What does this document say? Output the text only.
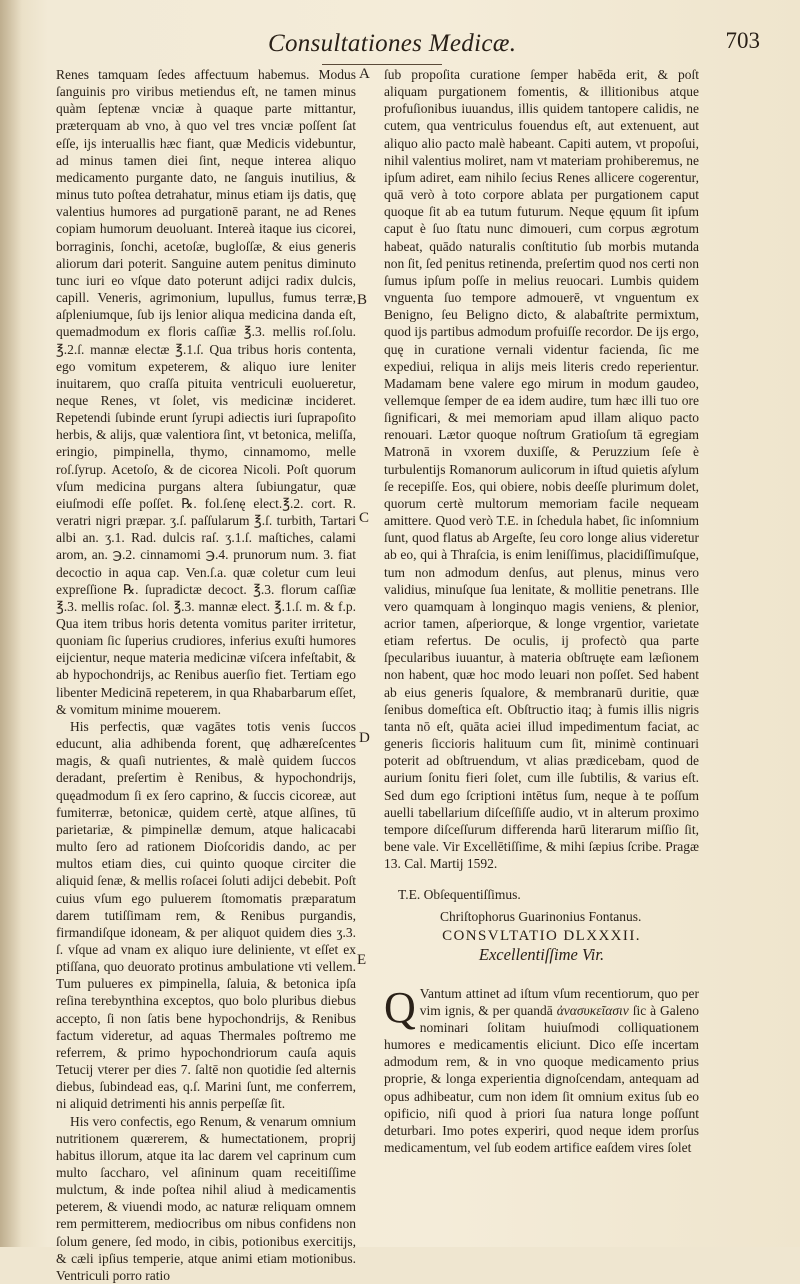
Consultationes Medicæ.	703
A
B
C
D
E

Renes tamquam ſedes affectuum habemus. Modus ſanguinis pro viribus metiendus eſt, ne tamen minus quàm ſeptenæ vnciæ à quaque parte mittantur, præterquam ab vno, à quo vel tres vnciæ poſſent ſat eſſe, ijs interuallis hæc fiant, quæ Medicis videbuntur, ad minus tamen diei ſint, neque interea aliquo medicamento purgante dato, ne ſanguis inutilius, & minus tuto poſtea detrahatur, minus etiam ijs datis, quę valentius humores ad purgationē parant, ne ad Renes copiam humorum deuoluant. Intereà itaque ius cicorei, borraginis, ſonchi, acetoſæ, bugloſſæ, & eius generis aliorum dari poterit. Sanguine autem penitus diminuto tunc iuri eo vſque dato poterunt adijci radix dulcis, capill. Veneris, agrimonium, lupullus, fumus terræ, aſpleniumque, ſub ijs lenior aliqua medicina danda eſt, quemadmodum ex floris caſſiæ ℥.3. mellis roſ.ſolu. ℥.2.ſ. mannæ electæ ℥.1.ſ. Qua tribus horis contenta, ego vomitum expeterem, & aliquo iure leniter inuitarem, quo craſſa pituita ventriculi euolueretur, neque Renes, vt ſolet, vis medicinæ incideret. Repetendi ſubinde erunt ſyrupi adiectis iuri ſuprapoſito herbis, & alijs, quæ valentiora ſint, vt betonica, meliſſa, eringio, pimpinella, thymo, cinnamomo, melle roſ.ſyrup. Acetoſo, & de cicorea Nicoli. Poſt quorum vſum medicina purgans altera ſubiungatur, quæ eiuſmodi eſſe poſſet. ℞. fol.ſenę elect.℥.2. cort. R. veratri nigri præpar. ʒ.ſ. paſſularum ℥.ſ. turbith, Tartari albi an. ʒ.1. Rad. dulcis raſ. ʒ.1.ſ. maſtiches, calami arom, an. ℈.2. cinnamomi ℈.4. prunorum num. 3. fiat decoctio in aqua cap. Ven.ſ.a. quæ coletur cum leui expreſſione ℞. ſupradictæ decoct. ℥.3. florum caſſiæ ℥.3. mellis roſac. ſol. ℥.3. mannæ elect. ℥.1.ſ. m. & f.p. Qua item tribus horis detenta vomitus pariter irritetur, quoniam ſic ſuperius crudiores, inferius exuſti humores eijcientur, neque materia medicinæ viſcera infeſtabit, & ab hypochondrijs, ac Renibus auerſio fiet. Tertiam ego libenter Medicinā repeterem, in qua Rhabarbarum eſſet, & vomitum minime mouerem.

His perfectis, quæ vagātes totis venis ſuccos educunt, alia adhibenda forent, quę adhæreſcentes magis, & quaſi nutrientes, & malè quidem ſuccos deradant, preſertim è Renibus, & hypochondrijs, quęadmodum ſi ex ſero caprino, & ſuccis cicoreæ, aut fumiterræ, betonicæ, quidem certè, atque alſines, tū parietariæ, & pimpinellæ demum, atque halicacabi multo ſero ad rationem Dioſcoridis dando, ac per multos etiam dies, cui quinto quoque circiter die aliquid ſenæ, & mellis roſacei ſoluti adijci debebit. Poſt cuius vſum ego puluerem ſtomomatis præparatum darem tutiſſimam rem, & Renibus purgandis, firmandiſque idoneam, & per aliquot quidem dies ʒ.3. ſ. vſque ad vnam ex aliquo iure deliniente, vt eſſet ex ptiſſana, quo deuorato protinus ambulatione vti vellem. Tum pulueres ex pimpinella, ſaluia, & betonica ipſa reſina terebynthina exceptos, quo bolo pluribus diebus accepto, ſi non ſatis bene hypochondrijs, & Renibus factum videretur, ad aquas Thermales poſtremo me referrem, & primo hypochondriorum cauſa aquis Tetucij vterer per dies 7. ſaltē non quotidie ſed alternis diebus, ſubindead eas, q.ſ. Marini ſunt, me conferrem, ni aliquid detrimenti his annis perpeſſæ ſit.

His vero confectis, ego Renum, & venarum omnium nutritionem quærerem, & humectationem, proprij habitus illorum, atque ita lac darem vel caprinum cum multo ſaccharo, vel aſininum quam receitiſſime mulctum, & inde poſtea nihil aliud à medicamentis peterem, & viuendi modo, ac naturæ reliquam omnem rem permitterem, mediocribus om nibus confidens non ſolum genere, ſed modo, in cibis, potionibus exercitijs, & cæli ipſius temperie, atque animi etiam motionibus. Ventriculi porro ratio

ſub propoſita curatione ſemper habēda erit, & poſt aliquam purgationem fomentis, & illitionibus atque profuſionibus iuuandus, illis quidem tantopere calidis, ne cutem, qua ventriculus fouendus eſt, aut extenuent, aut aliquo alio pacto malè habeant. Capiti autem, vt propoſui, nihil valentius moliret, nam vt materiam prohiberemus, ne ipſum adiret, eam nihilo ſecius Renes allicere cogerentur, quā verò à toto corpore ablata per purgationem caput quoque ſit ab ea tutum futurum. Neque ęquum ſit ipſum caput è ſuo ſtatu nunc dimoueri, cum corpus ægrotum habeat, quādo naturalis conſtitutio ſub morbis mutanda non ſit, ſed penitus retinenda, preſertim quod nos certi non ſumus ipſum poſſe in melius reuocari. Lumbis quidem vnguenta ſuo tempore admouerē, vt vnguentum ex Benigno, ſeu Beligno dicto, & alabaſtrite permixtum, quod ijs partibus admodum profuiſſe recordor. De ijs ergo, quę in curatione vernali videntur facienda, ſic me expediui, reliqua in alijs meis literis credo reperientur. Madamam bene valere ego mirum in modum gaudeo, vellemque ſemper de ea idem audire, tum hæc illi tuo ore ſignificari, & mei memoriam apud illam aliquo pacto renouari. Lætor quoque noſtrum Gratioſum tā egregiam Matronā in vxorem duxiſſe, & Peruzzium ſeſe è turbulentijs Romanorum aulicorum in iſtud quietis aſylum ſe recepiſſe. Eos, qui obiere, nobis deeſſe plurimum dolet, quorum certè multorum memoriam facile nequeam amittere. Quod verò T.E. in ſchedula habet, ſic inſomnium ſunt, quod flatus ab Argeſte, ſeu coro longe alius videretur ab eo, qui à Thraſcia, is enim leniſſimus, placidiſſimuſque, tum non admodum denſus, aut plenus, minus vero validius, minuſque ſua lenitate, & mollitie penetrans. Ille vero quamquam à longinquo magis veniens, & plenior, acrior tamen, aſperiorque, & longe vrgentior, varietate etiam refertus. De oculis, ij profectò qua parte ſpecularibus iuuantur, à materia obſtruęte eam læſionem non habent, quæ hoc modo leuari non poſſet. Sed habent ab eius generis ſqualore, & membranarū duritie, quæ ſenibus domeſtica eſt. Obſtructio itaq; à fumis illis nigris tanta nō eſt, quāta aciei illud impedimentum faciat, ac generis ſiccioris halituum cum ſit, minimè continuari poterit ad obſtruendum, vt alias prædicebam, quod de aurium ſonitu fieri ſolet, cum ille ſubtilis, & varius eſt. Sed dum ego ſcriptioni intētus ſum, neque à te poſſum auelli tabellarium diſceſſiſſe audio, vt in alterum proximo tempore diſceſſurum differenda harū literarum miſſio ſit, bene vale. Vir Excellētiſſime, & mihi ſæpius ſcribe. Pragæ 13. Cal. Martij 1592.

T.E. Obſequentiſſimus.

Chriſtophorus Guarinonius Fontanus.

CONSVLTATIO DLXXXII.

Excellentiſſime Vir.

Q Vantum attinet ad iſtum vſum recentiorum, quo per vim ignis, & per quandā ἀνασυκεῖασιν ſic à Galeno nominari ſolitam huiuſmodi colliquationem humores e medicamentis eliciunt. Dico eſſe incertam admodum rem, & in vno quoque medicamento prius proprie, & longa experientia dignoſcendam, antequam ad opus adhibeatur, cum non idem ſit omnium exitus ſub eo opificio, niſi quod à priori ſua natura longe poſſunt deturbari. Imo potes experiri, quod neque idem prorſus medicamentum, vel ſub eodem artifice eaſdem vires ſolet
